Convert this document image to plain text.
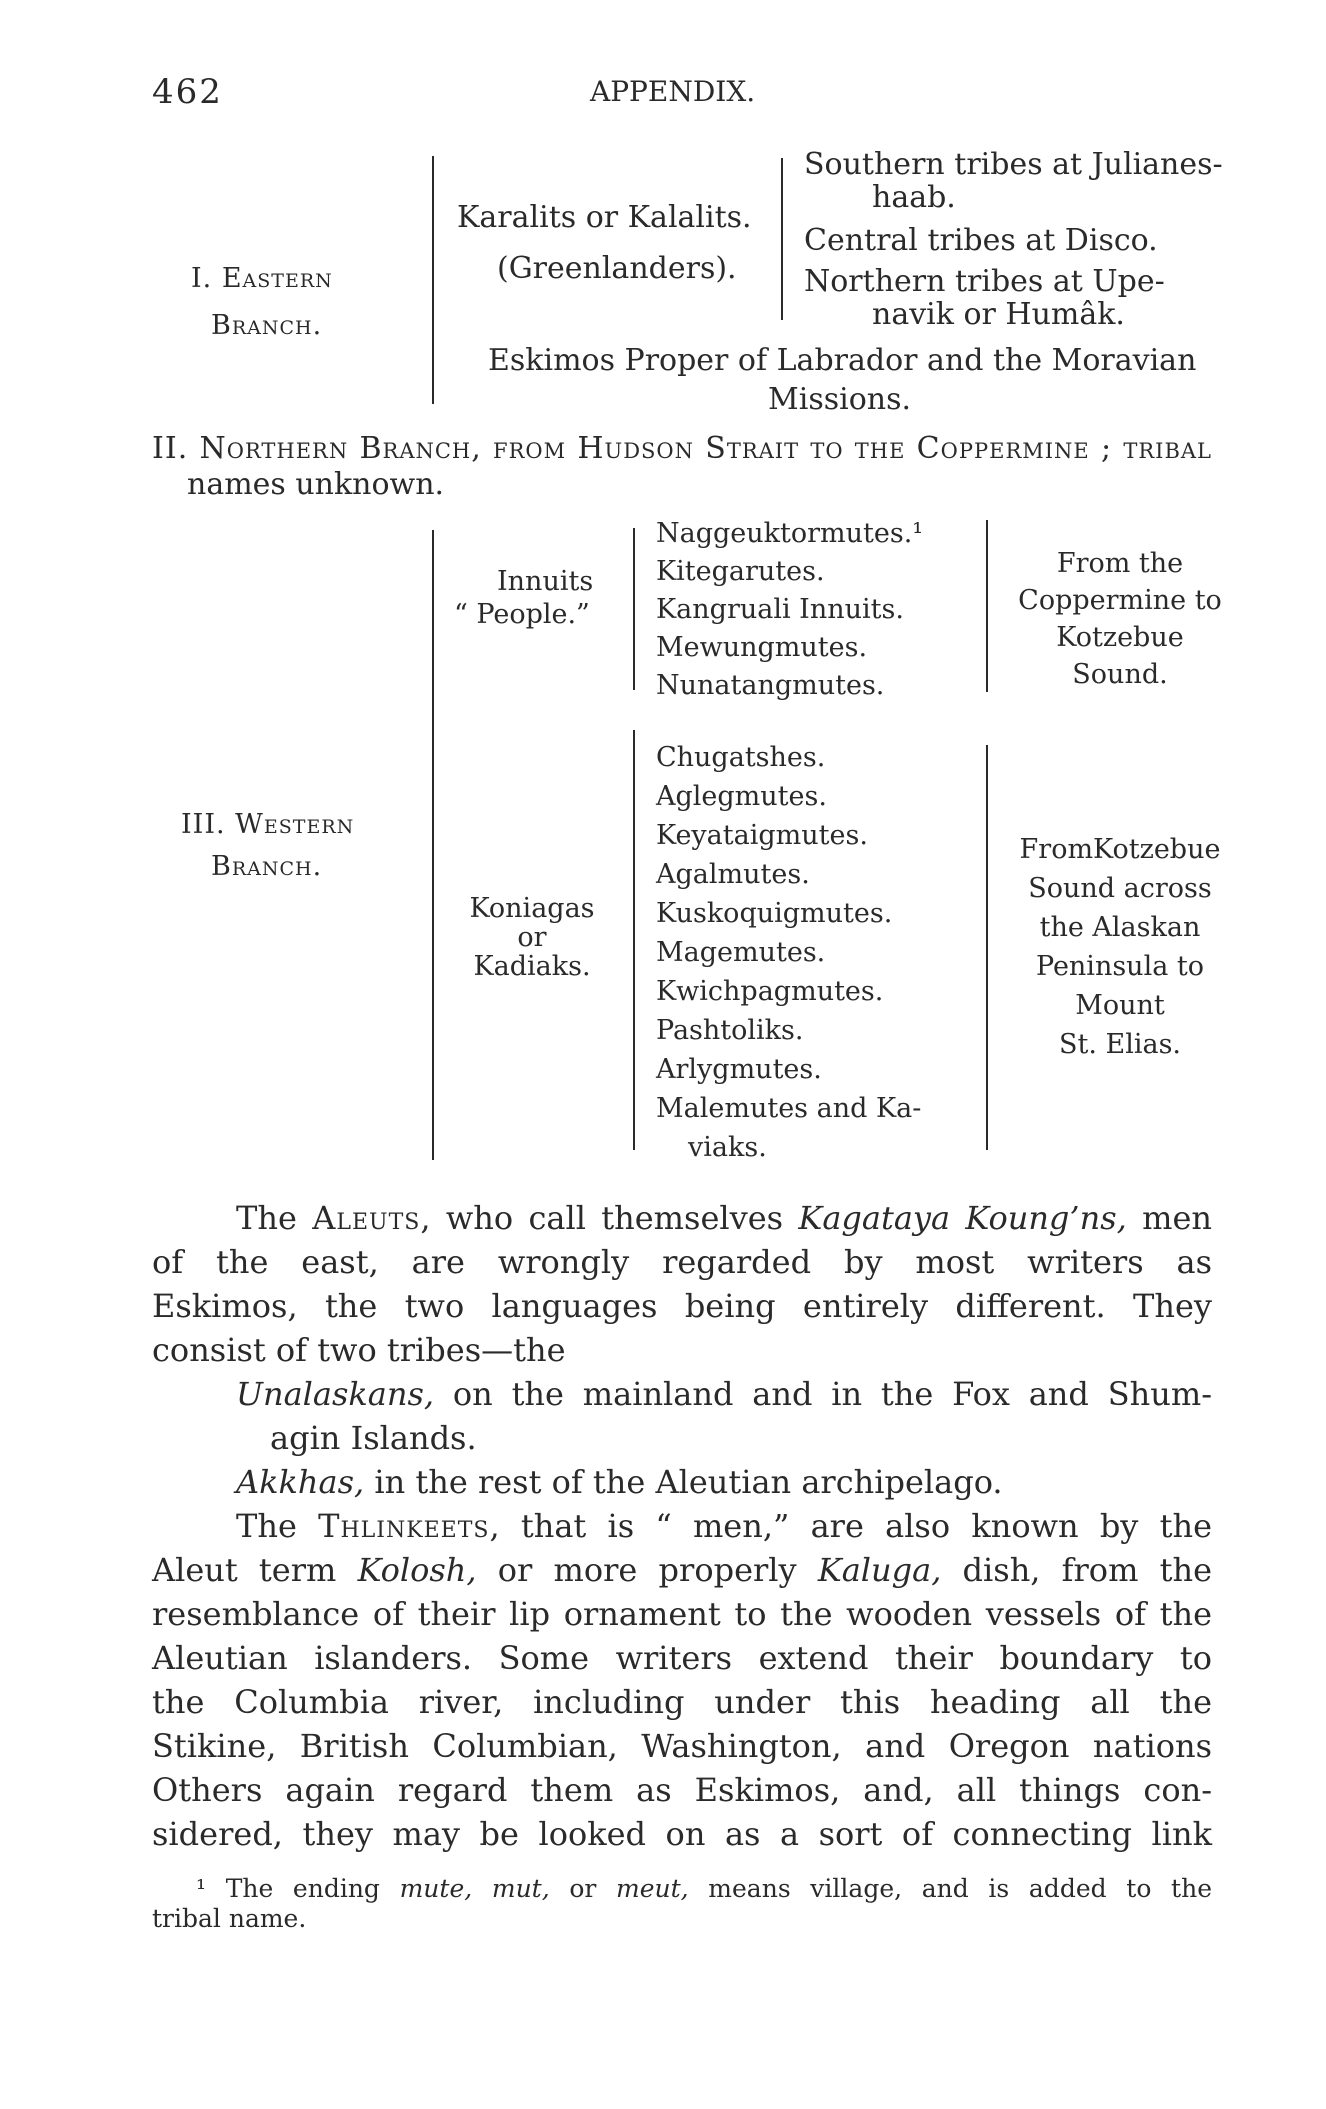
462	APPENDIX.
I. Eastern
Branch.
Karalits or Kalalits.
(Greenlanders).
Southern tribes at Julianes-
haab.
Central tribes at Disco.
Northern tribes at Upe-
navik or Humâk.
Eskimos Proper of Labrador and the Moravian
Missions.
II. Northern Branch, from Hudson Strait to the Coppermine ; tribal
names unknown.
III. Western
Branch.
Innuits
“ People.”
Naggeuktormutes.¹
Kitegarutes.
Kangruali Innuits.
Mewungmutes.
Nunatangmutes.
From the
Coppermine to
Kotzebue
Sound.
Koniagas
or
Kadiaks.
Chugatshes.
Aglegmutes.
Keyataigmutes.
Agalmutes.
Kuskoquigmutes.
Magemutes.
Kwichpagmutes.
Pashtoliks.
Arlygmutes.
Malemutes and Ka-
viaks.
FromKotzebue
Sound across
the Alaskan
Peninsula to
Mount
St. Elias.
The Aleuts, who call themselves Kagataya Koung’ns, men
of the east, are wrongly regarded by most writers as
Eskimos, the two languages being entirely different. They
consist of two tribes—the
Unalaskans, on the mainland and in the Fox and Shum-
agin Islands.
Akkhas, in the rest of the Aleutian archipelago.
The Thlinkeets, that is “ men,” are also known by the
Aleut term Kolosh, or more properly Kaluga, dish, from the
resemblance of their lip ornament to the wooden vessels of the
Aleutian islanders. Some writers extend their boundary to
the Columbia river, including under this heading all the
Stikine, British Columbian, Washington, and Oregon nations
Others again regard them as Eskimos, and, all things con-
sidered, they may be looked on as a sort of connecting link
¹ The ending mute, mut, or meut, means village, and is added to the
tribal name.
